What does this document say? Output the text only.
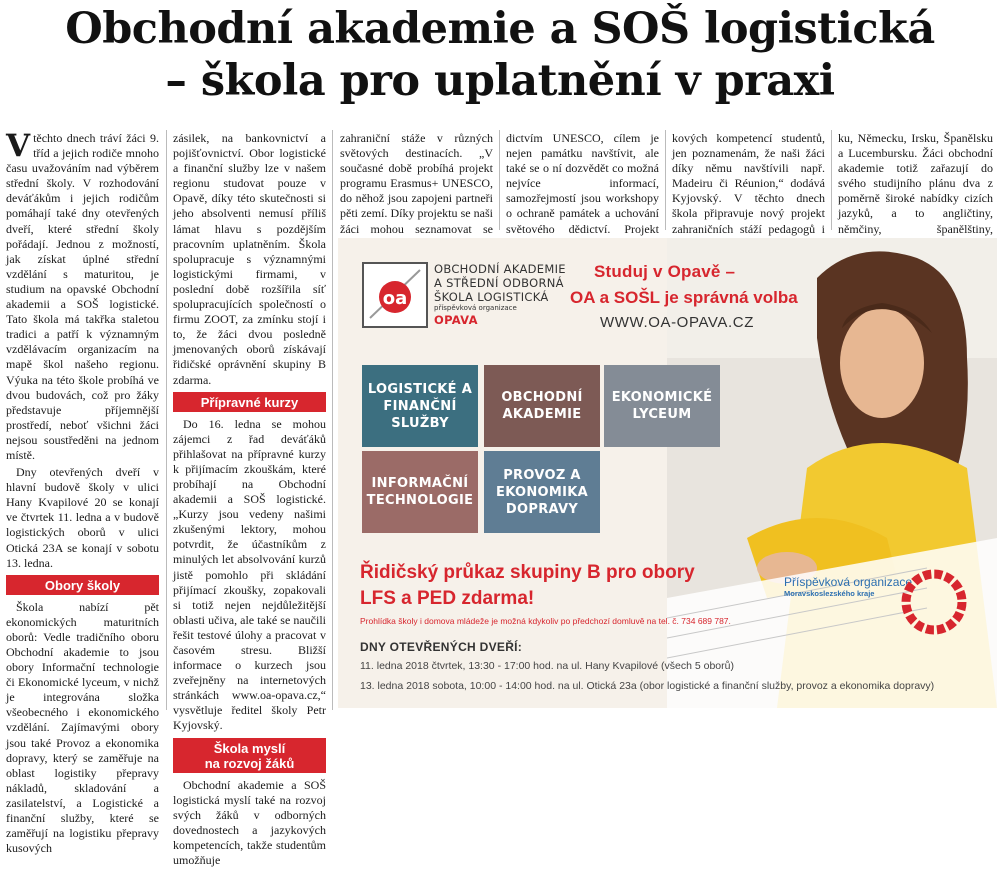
Obchodní akademie a SOŠ logistická
– škola pro uplatnění v praxi

Vtěchto dnech tráví žáci 9. tříd a jejich rodiče mnoho času uvažováním nad výběrem střední školy. V rozhodování deváťákům i jejich rodičům pomáhají také dny otevřených dveří, které střední školy pořádají. Jednou z možností, jak získat úplné střední vzdělání s maturitou, je studium na opavské Obchodní akademii a SOŠ logistické. Tato škola má takřka staletou tradici a patří k významným vzdělávacím organizacím na mapě škol našeho regionu. Výuka na této škole probíhá ve dvou budovách, což pro žáky představuje příjemnější prostředí, neboť všichni žáci nejsou soustředěni na jednom místě.

Dny otevřených dveří v hlavní budově školy v ulici Hany Kvapilové 20 se konají ve čtvrtek 11. ledna a v budově logistických oborů v ulici Otická 23A se konají v sobotu 13. ledna.

Obory školy

Škola nabízí pět ekonomických maturitních oborů: Vedle tradičního oboru Obchodní akademie to jsou obory Informační technologie či Ekonomické lyceum, v nichž je integrována složka všeobecného i ekonomického vzdělání. Zajímavými obory jsou také Provoz a ekonomika dopravy, který se zaměřuje na oblast logistiky přepravy nákladů, skladování a zasilatelství, a Logistické a finanční služby, které se zaměřují na logistiku přepravy kusových

zásilek, na bankovnictví a pojišťovnictví. Obor logistické a finanční služby lze v našem regionu studovat pouze v Opavě, díky této skutečnosti si jeho absolventi nemusí příliš lámat hlavu s pozdějším pracovním uplatněním. Škola spolupracuje s významnými logistickými firmami, v poslední době rozšířila síť spolupracujících společností o firmu ZOOT, za zmínku stojí i to, že žáci dvou posledně jmenovaných oborů získávají řidičské oprávnění skupiny B zdarma.

Přípravné kurzy

Do 16. ledna se mohou zájemci z řad deváťáků přihlašovat na přípravné kurzy k přijímacím zkouškám, které probíhají na Obchodní akademii a SOŠ logistické. „Kurzy jsou vedeny našimi zkušenými lektory, mohou potvrdit, že účastníkům z minulých let absolvování kurzů jistě pomohlo při skládání přijímací zkoušky, zopakovali si totiž nejen nejdůležitější oblasti učiva, ale také se naučili řešit testové úlohy a pracovat v časovém stresu. Bližší informace o kurzech jsou zveřejněny na internetových stránkách www.oa-opava.cz,“ vysvětluje ředitel školy Petr Kyjovský.

Škola myslí
na rozvoj žáků

Obchodní akademie a SOŠ logistická myslí také na rozvoj svých žáků v odborných dovednostech a jazykových kompetencích, takže studentům umožňuje

zahraniční stáže v různých světových destinacích. „V současné době probíhá projekt programu Erasmus+ UNESCO, do něhož jsou zapojeni partneři pěti zemí. Díky projektu se naši žáci mohou seznamovat se

dictvím UNESCO, cílem je nejen památku navštívit, ale také se o ní dozvědět co možná nejvíce informací, samozřejmostí jsou workshopy o ochraně památek a uchování světového dědictví. Projekt

kových kompetencí studentů, jen poznamenám, že naši žáci díky němu navštívili např. Madeiru či Réunion,“ dodává Kyjovský. V těchto dnech škola připravuje nový projekt zahraničních stáží pedagogů i

ku, Německu, Irsku, Španělsku a Lucembursku. Žáci obchodní akademie totiž zařazují do svého studijního plánu dva z poměrně široké nabídky cizích jazyků, a to angličtiny, němčiny, španělštiny,

oa
OBCHODNÍ AKADEMIE
A STŘEDNÍ ODBORNÁ
ŠKOLA LOGISTICKÁ
příspěvková organizace
OPAVA
Studuj v Opavě –
OA a SOŠL je správná volba
WWW.OA-OPAVA.CZ
LOGISTICKÉ A FINANČNÍ SLUŽBY
OBCHODNÍ AKADEMIE
EKONOMICKÉ LYCEUM
INFORMAČNÍ TECHNOLOGIE
PROVOZ A EKONOMIKA DOPRAVY
Řidičský průkaz skupiny B pro obory
LFS a PED zdarma!
Prohlídka školy i domova mládeže je možná kdykoliv po předchozí domluvě na tel. č. 734 689 787.
DNY OTEVŘENÝCH DVEŘÍ:
11. ledna 2018 čtvrtek, 13:30 - 17:00 hod. na ul. Hany Kvapilové (všech 5 oborů)
13. ledna 2018 sobota, 10:00 - 14:00 hod. na ul. Otická 23a (obor logistické a finanční služby, provoz a ekonomika dopravy)
Příspěvková organizace
Moravskoslezského kraje
